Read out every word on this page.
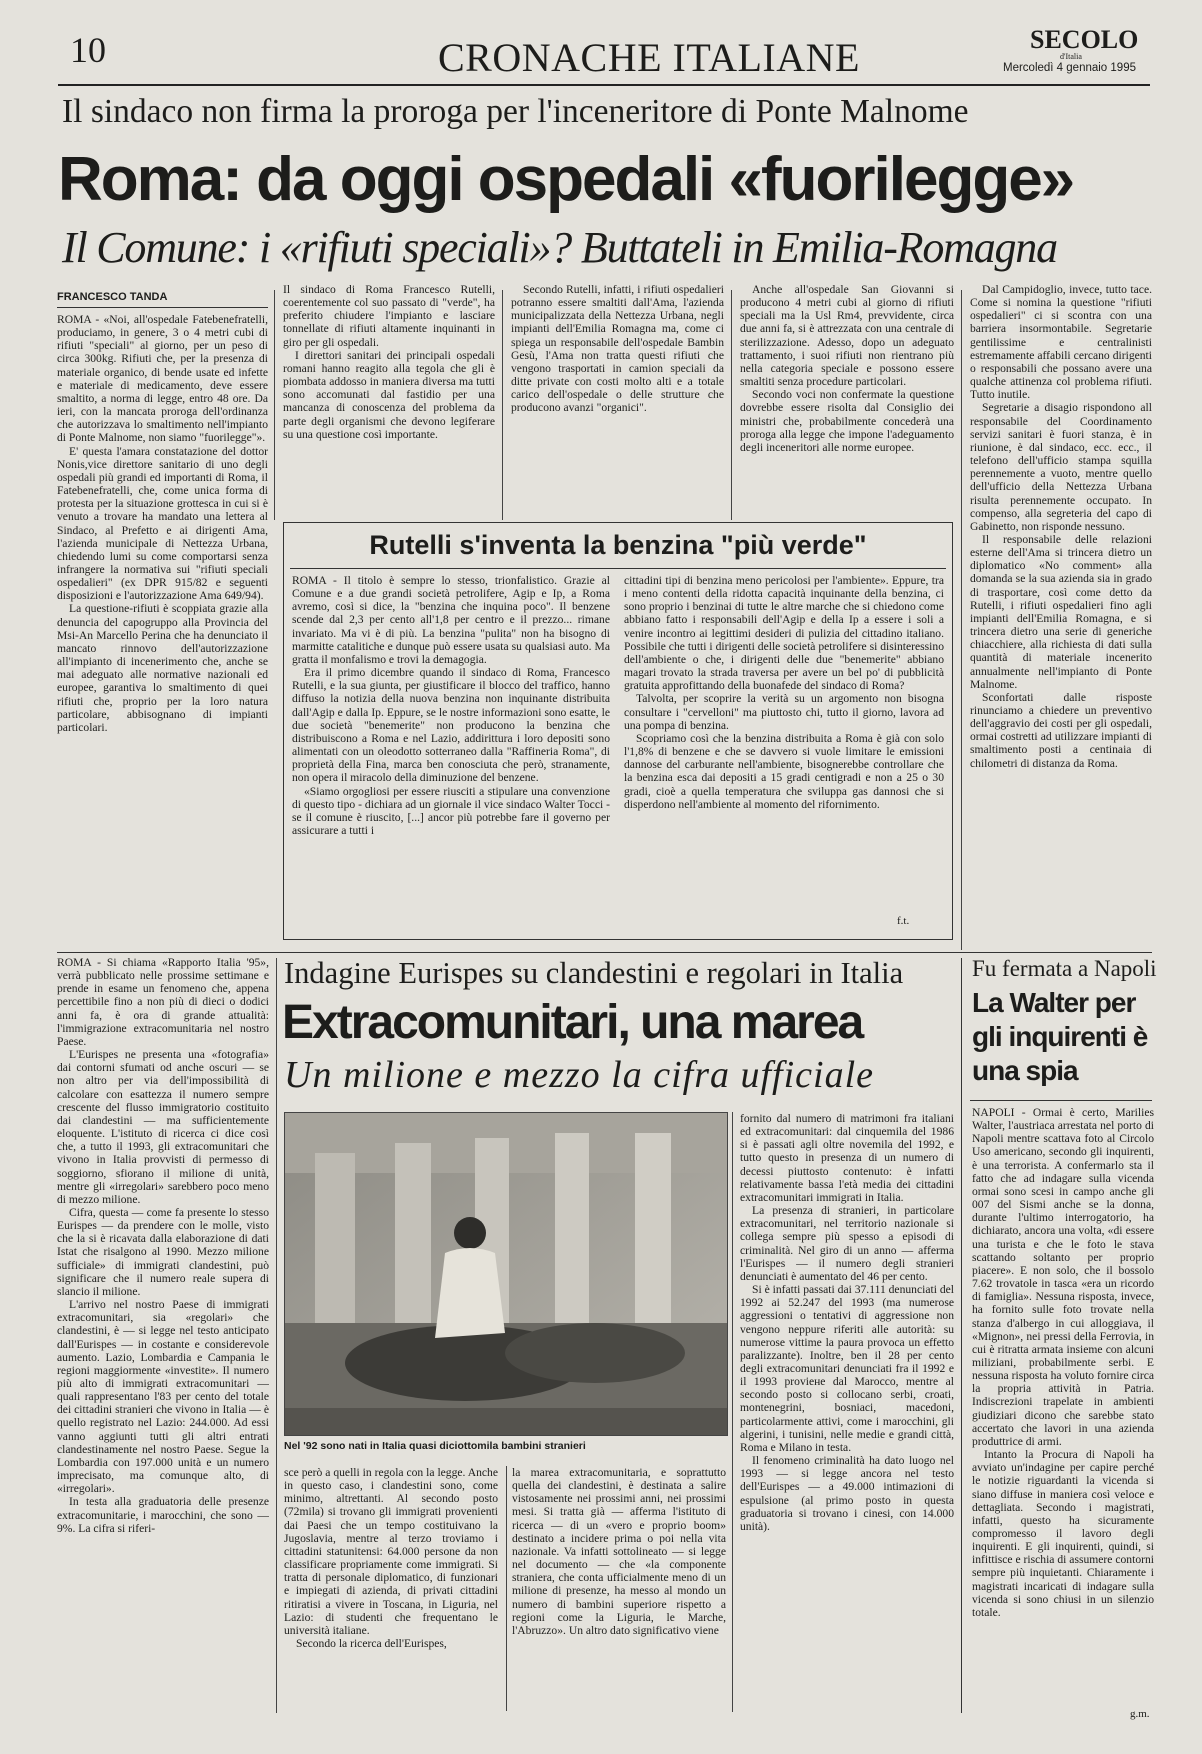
10	CRONACHE ITALIANE	SECOLO
d'Italia
Mercoledì 4 gennaio 1995
Il sindaco non firma la proroga per l'inceneritore di Ponte Malnome
Roma: da oggi ospedali «fuorilegge»
Il Comune: i «rifiuti speciali»? Buttateli in Emilia-Romagna
FRANCESCO TANDA

ROMA - «Noi, all'ospedale Fatebenefratelli, produciamo, in genere, 3 o 4 metri cubi di rifiuti "speciali" al giorno, per un peso di circa 300kg. Rifiuti che, per la presenza di materiale organico, di bende usate ed infette e materiale di medicamento, deve essere smaltito, a norma di legge, entro 48 ore. Da ieri, con la mancata proroga dell'ordinanza che autorizzava lo smaltimento nell'impianto di Ponte Malnome, non siamo "fuorilegge"».

E' questa l'amara constatazione del dottor Nonis,vice direttore sanitario di uno degli ospedali più grandi ed importanti di Roma, il Fatebenefratelli, che, come unica forma di protesta per la situazione grottesca in cui si è venuto a trovare ha mandato una lettera al Sindaco, al Prefetto e ai dirigenti Ama, l'azienda municipale di Nettezza Urbana, chiedendo lumi su come comportarsi senza infrangere la normativa sui "rifiuti speciali ospedalieri" (ex DPR 915/82 e seguenti disposizioni e l'autorizzazione Ama 649/94).

La questione-rifiuti è scoppiata grazie alla denuncia del capogruppo alla Provincia del Msi-An Marcello Perina che ha denunciato il mancato rinnovo dell'autorizzazione all'impianto di incenerimento che, anche se mai adeguato alle normative nazionali ed europee, garantiva lo smaltimento di quei rifiuti che, proprio per la loro natura particolare, abbisognano di impianti particolari.

Il sindaco di Roma Francesco Rutelli, coerentemente col suo passato di "verde", ha preferito chiudere l'impianto e lasciare tonnellate di rifiuti altamente inquinanti in giro per gli ospedali.

I direttori sanitari dei principali ospedali romani hanno reagito alla tegola che gli è piombata addosso in maniera diversa ma tutti sono accomunati dal fastidio per una mancanza di conoscenza del problema da parte degli organismi che devono legiferare su una questione così importante.

Secondo Rutelli, infatti, i rifiuti ospedalieri potranno essere smaltiti dall'Ama, l'azienda municipalizzata della Nettezza Urbana, negli impianti dell'Emilia Romagna ma, come ci spiega un responsabile dell'ospedale Bambin Gesù, l'Ama non tratta questi rifiuti che vengono trasportati in camion speciali da ditte private con costi molto alti e a totale carico dell'ospedale o delle strutture che producono avanzi "organici".

Anche all'ospedale San Giovanni si producono 4 metri cubi al giorno di rifiuti speciali ma la Usl Rm4, prevvidente, circa due anni fa, si è attrezzata con una centrale di sterilizzazione. Adesso, dopo un adeguato trattamento, i suoi rifiuti non rientrano più nella categoria speciale e possono essere smaltiti senza procedure particolari.

Secondo voci non confermate la questione dovrebbe essere risolta dal Consiglio dei ministri che, probabilmente concederà una proroga alla legge che impone l'adeguamento degli inceneritori alle norme europee.

Dal Campidoglio, invece, tutto tace. Come si nomina la questione "rifiuti ospedalieri" ci si scontra con una barriera insormontabile. Segretarie gentilissime e centralinisti estremamente affabili cercano dirigenti o responsabili che possano avere una qualche attinenza col problema rifiuti. Tutto inutile.

Segretarie a disagio rispondono all responsabile del Coordinamento servizi sanitari è fuori stanza, è in riunione, è dal sindaco, ecc. ecc., il telefono dell'ufficio stampa squilla perennemente a vuoto, mentre quello dell'ufficio della Nettezza Urbana risulta perennemente occupato. In compenso, alla segreteria del capo di Gabinetto, non risponde nessuno.

Il responsabile delle relazioni esterne dell'Ama si trincera dietro un diplomatico «No comment» alla domanda se la sua azienda sia in grado di trasportare, così come detto da Rutelli, i rifiuti ospedalieri fino agli impianti dell'Emilia Romagna, e si trincera dietro una serie di generiche chiacchiere, alla richiesta di dati sulla quantità di materiale incenerito annualmente nell'impianto di Ponte Malnome.

Sconfortati dalle risposte rinunciamo a chiedere un preventivo dell'aggravio dei costi per gli ospedali, ormai costretti ad utilizzare impianti di smaltimento posti a centinaia di chilometri di distanza da Roma.

Rutelli s'inventa la benzina "più verde"

ROMA - Il titolo è sempre lo stesso, trionfalistico. Grazie al Comune e a due grandi società petrolifere, Agip e Ip, a Roma avremo, così si dice, la "benzina che inquina poco". Il benzene scende dal 2,3 per cento all'1,8 per centro e il prezzo... rimane invariato. Ma vi è di più. La benzina "pulita" non ha bisogno di marmitte catalitiche e dunque può essere usata su qualsiasi auto. Ma gratta il monfalismo e trovi la demagogia.

Era il primo dicembre quando il sindaco di Roma, Francesco Rutelli, e la sua giunta, per giustificare il blocco del traffico, hanno diffuso la notizia della nuova benzina non inquinante distribuita dall'Agip e dalla Ip. Eppure, se le nostre informazioni sono esatte, le due società "benemerite" non producono la benzina che distribuiscono a Roma e nel Lazio, addirittura i loro depositi sono alimentati con un oleodotto sotterraneo dalla "Raffineria Roma", di proprietà della Fina, marca ben conosciuta che però, stranamente, non opera il miracolo della diminuzione del benzene.

«Siamo orgogliosi per essere riusciti a stipulare una convenzione di questo tipo - dichiara ad un giornale il vice sindaco Walter Tocci - se il comune è riuscito, [...] ancor più potrebbe fare il governo per assicurare a tutti i

cittadini tipi di benzina meno pericolosi per l'ambiente». Eppure, tra i meno contenti della ridotta capacità inquinante della benzina, ci sono proprio i benzinai di tutte le altre marche che si chiedono come abbiano fatto i responsabili dell'Agip e della Ip a essere i soli a venire incontro ai legittimi desideri di pulizia del cittadino italiano. Possibile che tutti i dirigenti delle società petrolifere si disinteressino dell'ambiente o che, i dirigenti delle due "benemerite" abbiano magari trovato la strada traversa per avere un bel po' di pubblicità gratuita approfittando della buonafede del sindaco di Roma?

Talvolta, per scoprire la verità su un argomento non bisogna consultare i "cervelloni" ma piuttosto chi, tutto il giorno, lavora ad una pompa di benzina.

Scopriamo così che la benzina distribuita a Roma è già con solo l'1,8% di benzene e che se davvero si vuole limitare le emissioni dannose del carburante nell'ambiente, bisognerebbe controllare che la benzina esca dai depositi a 15 gradi centigradi e non a 25 o 30 gradi, cioè a quella temperatura che sviluppa gas dannosi che si disperdono nell'ambiente al momento del rifornimento.

f.t.

ROMA - Si chiama «Rapporto Italia '95», verrà pubblicato nelle prossime settimane e prende in esame un fenomeno che, appena percettibile fino a non più di dieci o dodici anni fa, è ora di grande attualità: l'immigrazione extracomunitaria nel nostro Paese.

L'Eurispes ne presenta una «fotografia» dai contorni sfumati od anche oscuri — se non altro per via dell'impossibilità di calcolare con esattezza il numero sempre crescente del flusso immigratorio costituito dai clandestini — ma sufficientemente eloquente. L'istituto di ricerca ci dice così che, a tutto il 1993, gli extracomunitari che vivono in Italia provvisti di permesso di soggiorno, sfiorano il milione di unità, mentre gli «irregolari» sarebbero poco meno di mezzo milione.

Cifra, questa — come fa presente lo stesso Eurispes — da prendere con le molle, visto che la si è ricavata dalla elaborazione di dati Istat che risalgono al 1990. Mezzo milione sufficiale» di immigrati clandestini, può significare che il numero reale supera di slancio il milione.

L'arrivo nel nostro Paese di immigrati extracomunitari, sia «regolari» che clandestini, è — si legge nel testo anticipato dall'Eurispes — in costante e considerevole aumento. Lazio, Lombardia e Campania le regioni maggiormente «investite». Il numero più alto di immigrati extracomunitari — quali rappresentano l'83 per cento del totale dei cittadini stranieri che vivono in Italia — è quello registrato nel Lazio: 244.000. Ad essi vanno aggiunti tutti gli altri entrati clandestinamente nel nostro Paese. Segue la Lombardia con 197.000 unità e un numero imprecisato, ma comunque alto, di «irregolari».

In testa alla graduatoria delle presenze extracomunitarie, i marocchini, che sono — 9%. La cifra si riferi-

Indagine Eurispes su clandestini e regolari in Italia
Extracomunitari, una marea
Un milione e mezzo la cifra ufficiale
Nel '92 sono nati in Italia quasi diciottomila bambini stranieri

sce però a quelli in regola con la legge. Anche in questo caso, i clandestini sono, come minimo, altrettanti. Al secondo posto (72mila) si trovano gli immigrati provenienti dai Paesi che un tempo costituivano la Jugoslavia, mentre al terzo troviamo i cittadini statunitensi: 64.000 persone da non classificare propriamente come immigrati. Si tratta di personale diplomatico, di funzionari e impiegati di azienda, di privati cittadini ritiratisi a vivere in Toscana, in Liguria, nel Lazio: di studenti che frequentano le università italiane.

Secondo la ricerca dell'Eurispes,

la marea extracomunitaria, e soprattutto quella dei clandestini, è destinata a salire vistosamente nei prossimi anni, nei prossimi mesi. Si tratta già — afferma l'istituto di ricerca — di un «vero e proprio boom» destinato a incidere prima o poi nella vita nazionale. Va infatti sottolineato — si legge nel documento — che «la componente straniera, che conta ufficialmente meno di un milione di presenze, ha messo al mondo un numero di bambini superiore rispetto a regioni come la Liguria, le Marche, l'Abruzzo». Un altro dato significativo viene

fornito dal numero di matrimoni fra italiani ed extracomunitari: dal cinquemila del 1986 si è passati agli oltre novemila del 1992, e tutto questo in presenza di un numero di decessi piuttosto contenuto: è infatti relativamente bassa l'età media dei cittadini extracomunitari immigrati in Italia.

La presenza di stranieri, in particolare extracomunitari, nel territorio nazionale si collega sempre più spesso a episodi di criminalità. Nel giro di un anno — afferma l'Eurispes — il numero degli stranieri denunciati è aumentato del 46 per cento.

Si è infatti passati dai 37.111 denunciati del 1992 ai 52.247 del 1993 (ma numerose aggressioni o tentativi di aggressione non vengono neppure riferiti alle autorità: su numerose vittime la paura provoca un effetto paralizzante). Inoltre, ben il 28 per cento degli extracomunitari denunciati fra il 1992 e il 1993 provieне dal Marocco, mentre al secondo posto si collocano serbi, croati, montenegrini, bosniaci, macedoni, particolarmente attivi, come i marocchini, gli algerini, i tunisini, nelle medie e grandi città, Roma e Milano in testa.

Il fenomeno criminalità ha dato luogo nel 1993 — si legge ancora nel testo dell'Eurispes — a 49.000 intimazioni di espulsione (al primo posto in questa graduatoria si trovano i cinesi, con 14.000 unità).

Fu fermata a Napoli
La Walter per gli inquirenti è una spia

NAPOLI - Ormai è certo, Marilies Walter, l'austriaca arrestata nel porto di Napoli mentre scattava foto al Circolo Uso americano, secondo gli inquirenti, è una terrorista. A confermarlo sta il fatto che ad indagare sulla vicenda ormai sono scesi in campo anche gli 007 del Sismi anche se la donna, durante l'ultimo interrogatorio, ha dichiarato, ancora una volta, «di essere una turista e che le foto le stava scattando soltanto per proprio piacere». E non solo, che il bossolo 7.62 trovatole in tasca «era un ricordo di famiglia». Nessuna risposta, invece, ha fornito sulle foto trovate nella stanza d'albergo in cui alloggiava, il «Mignon», nei pressi della Ferrovia, in cui è ritratta armata insieme con alcuni miliziani, probabilmente serbi. E nessuna risposta ha voluto fornire circa la propria attività in Patria. Indiscrezioni trapelate in ambienti giudiziari dicono che sarebbe stato accertato che lavori in una azienda produttrice di armi.

Intanto la Procura di Napoli ha avviato un'indagine per capire perché le notizie riguardanti la vicenda si siano diffuse in maniera così veloce e dettagliata. Secondo i magistrati, infatti, questo ha sicuramente compromesso il lavoro degli inquirenti. E gli inquirenti, quindi, si infittisce e rischia di assumere contorni sempre più inquietanti. Chiaramente i magistrati incaricati di indagare sulla vicenda si sono chiusi in un silenzio totale.

g.m.
